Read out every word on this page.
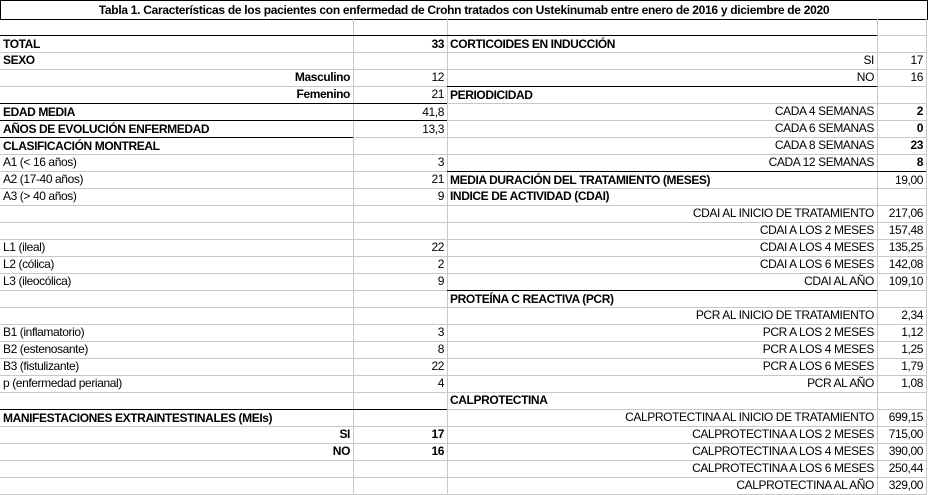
Tabla 1. Características de los pacientes con enfermedad de Crohn tratados con Ustekinumab entre enero de 2016 y diciembre de 2020
TOTAL	33
SEXO
Masculino	12
Femenino	21
EDAD MEDIA	41,8
AÑOS DE EVOLUCIÓN ENFERMEDAD	13,3
CLASIFICACIÓN MONTREAL
A1 (< 16 años)	3
A2 (17-40 años)	21
A3 (> 40 años)	9
L1 (ileal)	22
L2 (cólica)	2
L3 (ileocólica)	9
B1 (inflamatorio)	3
B2 (estenosante)	8
B3 (fistulizante)	22
p (enfermedad perianal)	4
MANIFESTACIONES EXTRAINTESTINALES (MEIs)
SI	17
NO	16
CORTICOIDES EN INDUCCIÓN
SI	17
NO	16
PERIODICIDAD
CADA 4 SEMANAS	2
CADA 6 SEMANAS	0
CADA 8 SEMANAS	23
CADA 12 SEMANAS	8
MEDIA DURACIÓN DEL TRATAMIENTO (MESES)	19,00
INDICE DE ACTIVIDAD (CDAI)
CDAI AL INICIO DE TRATAMIENTO	217,06
CDAI A LOS 2 MESES	157,48
CDAI A LOS 4 MESES	135,25
CDAI A LOS 6 MESES	142,08
CDAI AL AÑO	109,10
PROTEÍNA C REACTIVA (PCR)
PCR AL INICIO DE TRATAMIENTO	2,34
PCR A LOS 2 MESES	1,12
PCR A LOS 4 MESES	1,25
PCR A LOS 6 MESES	1,79
PCR AL AÑO	1,08
CALPROTECTINA
CALPROTECTINA AL INICIO DE TRATAMIENTO	699,15
CALPROTECTINA A LOS 2 MESES	715,00
CALPROTECTINA A LOS 4 MESES	390,00
CALPROTECTINA A LOS 6 MESES	250,44
CALPROTECTINA AL AÑO	329,00
